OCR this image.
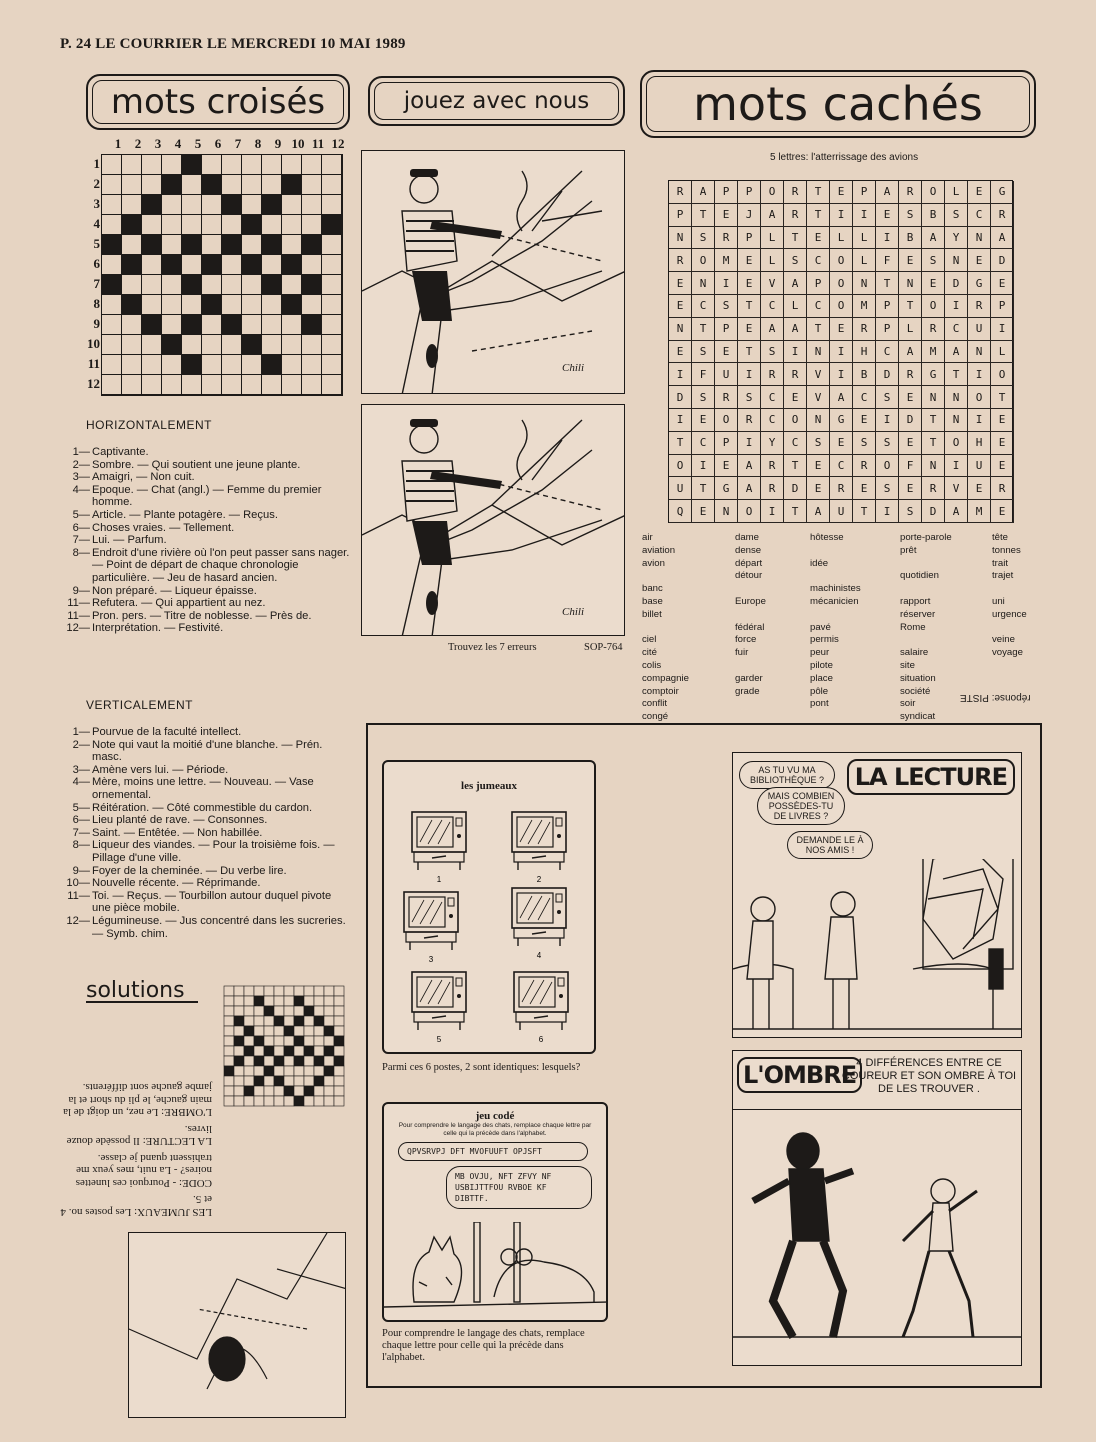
P. 24 LE COURRIER LE MERCREDI 10 MAI 1989
mots croisés	jouez avec nous mots cachés
1	2	3	4	5	6	7	8	9 10 11 12
1
2
3
4
5
6
7
8
9
10
11
12
HORIZONTALEMENT
1— Captivante.
2— Sombre. — Qui soutient une jeune plante.
3— Amaigri, — Non cuit.
4— Epoque. — Chat (angl.) — Femme du premier homme.
5— Article. — Plante potagère. — Reçus.
6— Choses vraies. — Tellement.
7— Lui. — Parfum.
8— Endroit d'une rivière où l'on peut passer sans nager. — Point de départ de chaque chronologie particulière. — Jeu de hasard ancien.
9— Non préparé. — Liqueur épaisse.
11— Refutera. — Qui appartient au nez.
11— Pron. pers. — Titre de noblesse. — Près de.
12— Interprétation. — Festivité.
VERTICALEMENT
1— Pourvue de la faculté intellect.
2— Note qui vaut la moitié d'une blanche. — Prén. masc.
3— Amène vers lui. — Période.
4— Mère, moins une lettre. — Nouveau. — Vase ornemental.
5— Réitération. — Côté commestible du cardon.
6— Lieu planté de rave. — Consonnes.
7— Saint. — Entêtée. — Non habillée.
8— Liqueur des viandes. — Pour la troisième fois. — Pillage d'une ville.
9— Foyer de la cheminée. — Du verbe lire.
10— Nouvelle récente. — Réprimande.
11— Toi. — Reçus. — Tourbillon autour duquel pivote une pièce mobile.
12— Légumineuse. — Jus concentré dans les sucreries. — Symb. chim.
solutions

LES JUMEAUX: Les postes no. 4 et 5.

CODE: - Pourquoi ces lunettes noires? - La nuit, mes yeux me trahissent quand je classe.

LA LECTURE: Il possède douze livres.

L'OMBRE: Le nez, un doigt de la main gauche, le pli du short et la jambe gauche sont différents.

Chili
Chili
Trouvez les 7 erreurs	SOP-764
5 lettres: l'atterrissage des avions
R	A	P	P	O	R	T	E	P	A	R	O	L	E	G
P	T	E	J	A	R	T	I	I	E	S	B	S	C	R
N	S	R	P	L	T	E	L	L	I	B	A	Y	N	A
R	O	M	E	L	S	C	O	L	F	E	S	N	E	D
E	N	I	E	V	A	P	O	N	T	N	E	D	G	E
E	C	S	T	C	L	C	O	M	P	T	O	I	R	P
N	T	P	E	A	A	T	E	R	P	L	R	C	U	I
E	S	E	T	S	I	N	I	H	C	A	M	A	N	L
I	F	U	I	R	R	V	I	B	D	R	G	T	I	O
D	S	R	S	C	E	V	A	C	S	E	N	N	O	T
I	E	O	R	C	O	N	G	E	I	D	T	N	I	E
T	C	P	I	Y	C	S	E	S	S	E	T	O	H	E
O	I	E	A	R	T	E	C	R	O	F	N	I	U	E
U	T	G	A	R	D	E	R	E	S	E	R	V	E	R
Q	E	N	O	I	T	A	U	T	I	S	D	A	M	E
air
aviation
avion
banc
base
billet
ciel
cité
colis
compagnie
comptoir
conflit
congé
dame
dense
départ
détour
Europe
fédéral
force
fuir
garder
grade
hôtesse
idée
machinistes
mécanicien
pavé
permis
peur
pilote
place
pôle
pont
porte-parole
prêt
quotidien
rapport
réserver
Rome
salaire
site
situation
société
soir
syndicat
tête
tonnes
trait
trajet
uni
urgence
veine
voyage
réponse: PISTE
les jumeaux
1	2
3	4
5	6
Parmi ces 6 postes, 2 sont identiques: lesquels?
jeu codé
Pour comprendre le langage des chats, remplace chaque lettre par celle qui la précède dans l'alphabet.
QPVSRVPJ DFT MVOFUUFT OPJSFT
MB OVJU, NFT ZFVY NF USBIJTTFOU RVBOE KF DIBTTF.
Pour comprendre le langage des chats, remplace chaque lettre pour celle qui la précède dans l'alphabet.
LA LECTURE
AS TU VU MA BIBLIOTHÈQUE ?
MAIS COMBIEN POSSÈDES-TU DE LIVRES ?
DEMANDE LE À NOS AMIS !
L'OMBRE 4 DIFFÉRENCES ENTRE CE COUREUR ET SON OMBRE À TOI DE LES TROUVER .
